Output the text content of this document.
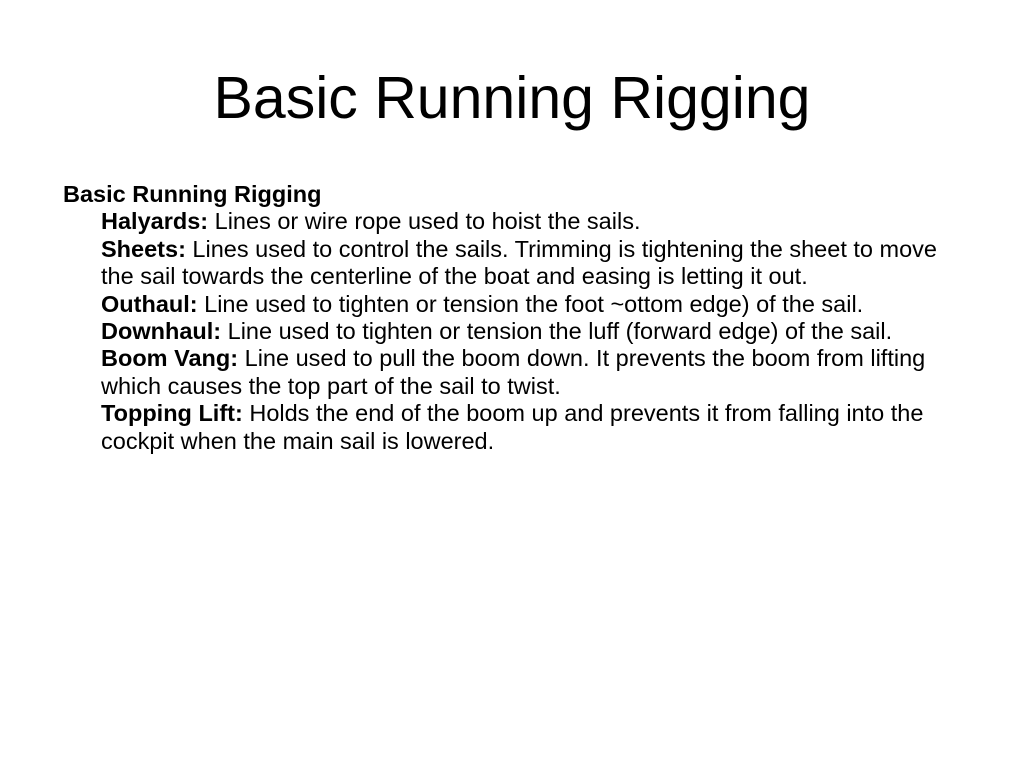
Basic Running Rigging
Basic Running Rigging
Halyards: Lines or wire rope used to hoist the sails.
Sheets: Lines used to control the sails. Trimming is tightening the sheet to move the sail towards the centerline of the boat and easing is letting it out.
Outhaul: Line used to tighten or tension the foot ~ottom edge) of the sail.
Downhaul: Line used to tighten or tension the luff (forward edge) of the sail.
Boom Vang: Line used to pull the boom down. It prevents the boom from lifting which causes the top part of the sail to twist.
Topping Lift: Holds the end of the boom up and prevents it from falling into the cockpit when the main sail is lowered.
